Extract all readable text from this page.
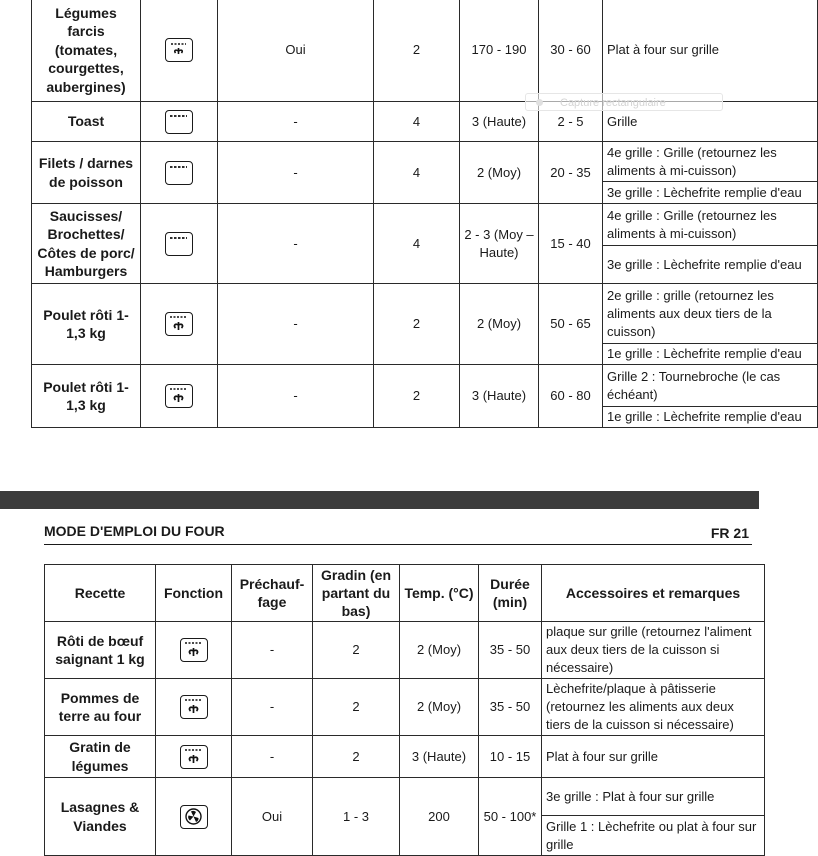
Légumes farcis (tomates, courgettes, aubergines)		Oui	2	170 - 190	30 - 60	Plat à four sur grille
Toast		-	4	3 (Haute)	2 - 5	Grille
Filets / darnes de poisson		-	4	2 (Moy)	20 - 35	4e grille : Grille (retournez les aliments à mi-cuisson)
						3e grille : Lèchefrite remplie d'eau
Saucisses/ Brochettes/ Côtes de porc/ Hamburgers		-	4	2 - 3 (Moy – Haute)	15 - 40	4e grille : Grille (retournez les aliments à mi-cuisson)
						3e grille : Lèchefrite remplie d'eau
Poulet rôti 1-1,3 kg		-	2	2 (Moy)	50 - 65	2e grille : grille (retournez les aliments aux deux tiers de la cuisson)
						1e grille : Lèchefrite remplie d'eau
Poulet rôti 1-1,3 kg		-	2	3 (Haute)	60 - 80	Grille 2 : Tournebroche (le cas échéant)
						1e grille : Lèchefrite remplie d'eau
Capture rectangulaire
MODE D'EMPLOI DU FOUR	FR 21
Recette	Fonction	Préchauf-fage	Gradin (en partant du bas)	Temp. (°C)	Durée (min)	Accessoires et remarques
Rôti de bœuf saignant 1 kg		-	2	2 (Moy)	35 - 50	plaque sur grille (retournez l'aliment aux deux tiers de la cuisson si nécessaire)
Pommes de terre au four		-	2	2 (Moy)	35 - 50	Lèchefrite/plaque à pâtisserie (retournez les aliments aux deux tiers de la cuisson si nécessaire)
Gratin de légumes		-	2	3 (Haute)	10 - 15	Plat à four sur grille
Lasagnes & Viandes		Oui	1 - 3	200	50 - 100*	3e grille : Plat à four sur grille
						Grille 1 : Lèchefrite ou plat à four sur grille
